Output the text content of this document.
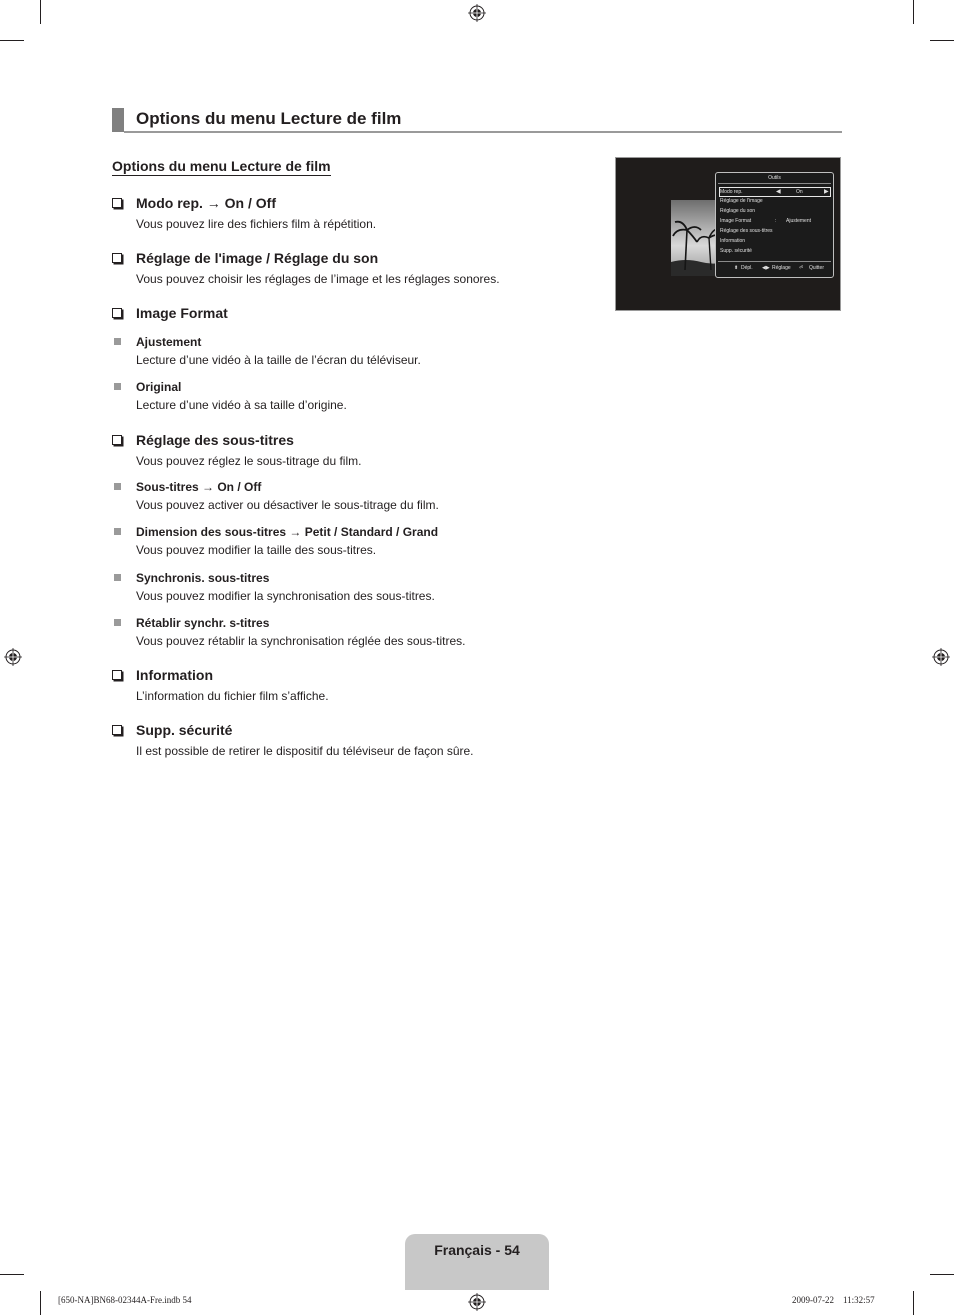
Options du menu Lecture de film
Options du menu Lecture de film
Modo rep. → On / Off
Vous pouvez lire des fichiers film à répétition.
Réglage de l'image / Réglage du son
Vous pouvez choisir les réglages de l’image et les réglages sonores.
Image Format
Ajustement
Lecture d’une vidéo à la taille de l’écran du téléviseur.
Original
Lecture d’une vidéo à sa taille d’origine.
Réglage des sous-titres
Vous pouvez réglez le sous-titrage du film.
Sous-titres → On / Off
Vous pouvez activer ou désactiver le sous-titrage du film.
Dimension des sous-titres → Petit / Standard / Grand
Vous pouvez modifier la taille des sous-titres.
Synchronis. sous-titres
Vous pouvez modifier la synchronisation des sous-titres.
Rétablir synchr. s-titres
Vous pouvez rétablir la synchronisation réglée des sous-titres.
Information
L’information du fichier film s’affiche.
Supp. sécurité
Il est possible de retirer le dispositif du téléviseur de façon sûre.
Outils
Modo rep.	◀	On	▶
Réglage de l'image
Réglage du son
Image Format	: Ajustement
Réglage des sous-titres
Information
Supp. sécurité
⬍ Dépl. ◀▶ Réglage ⏎ Quitter
Français - 54
[650-NA]BN68-02344A-Fre.indb 54	2009-07-22    11:32:57
